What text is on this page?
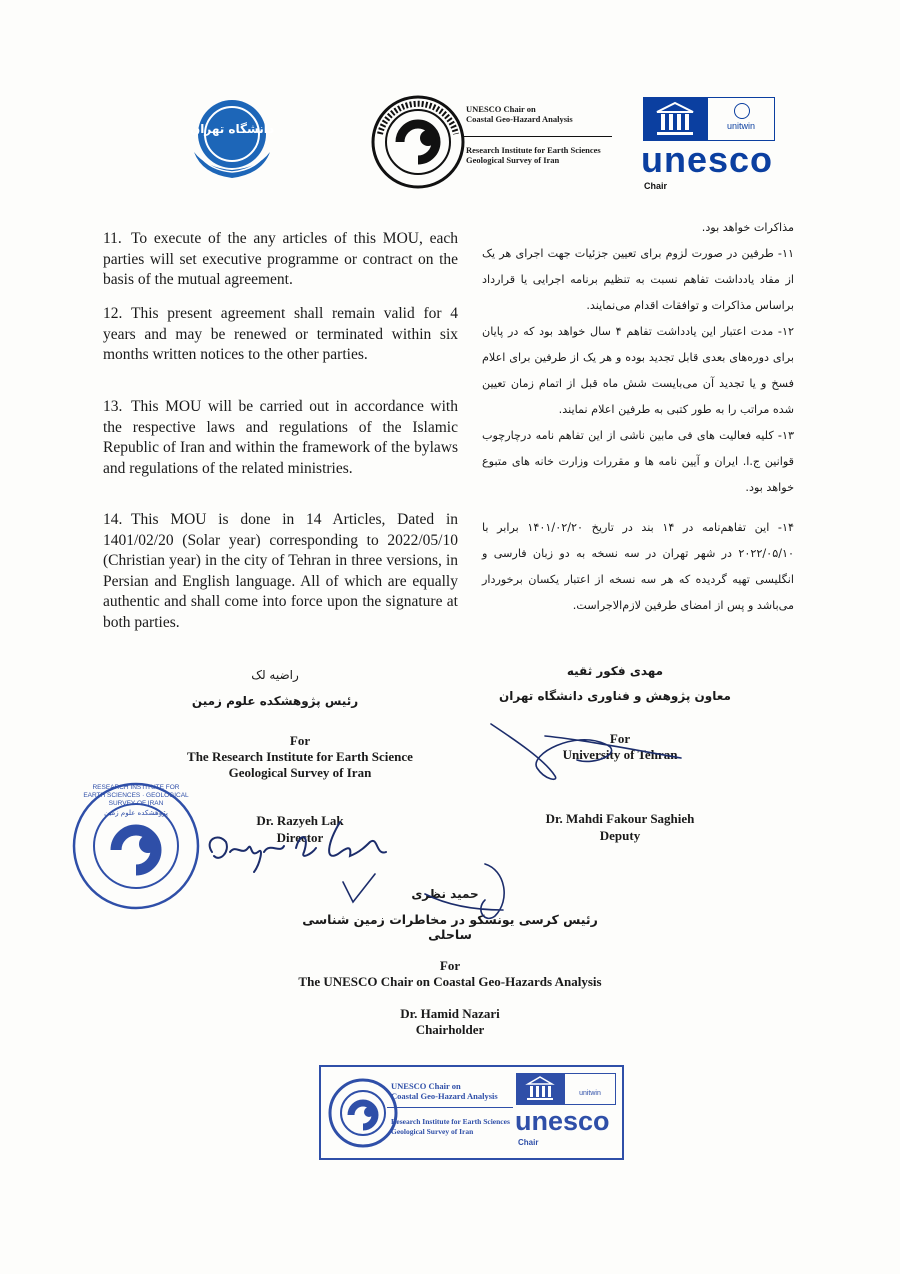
دانشگاه تهران
UNESCO Chair on
Coastal Geo-Hazard Analysis
Research Institute for Earth Sciences
Geological Survey of Iran
unitwin
unesco
Chair
11. To execute of the any articles of this MOU, each parties will set executive programme or contract on the basis of the mutual agreement.
12. This present agreement shall remain valid for 4 years and may be renewed or terminated within six months written notices to the other parties.
13. This MOU will be carried out in accordance with the respective laws and regulations of the Islamic Republic of Iran and within the framework of the bylaws and regulations of the related ministries.
14. This MOU is done in 14 Articles, Dated in 1401/02/20 (Solar year) corresponding to 2022/05/10 (Christian year) in the city of Tehran in three versions, in Persian and English language. All of which are equally authentic and shall come into force upon the signature at both parties.
مذاکرات خواهد بود.
۱۱- طرفین در صورت لزوم برای تعیین جزئیات جهت اجرای هر یک از مفاد یادداشت تفاهم نسبت به تنظیم برنامه اجرایی یا قرارداد براساس مذاکرات و توافقات اقدام می‌نمایند.
۱۲- مدت اعتبار این یادداشت تفاهم ۴ سال خواهد بود که در پایان برای دوره‌های بعدی قابل تجدید بوده و هر یک از طرفین برای اعلام فسخ و یا تجدید آن می‌بایست شش ماه قبل از اتمام زمان تعیین شده مراتب را به طور کتبی به طرفین اعلام نمایند.
۱۳- کلیه فعالیت های فی مابین ناشی از این تفاهم نامه درچارچوب قوانین ج.ا. ایران و آیین نامه ها و مقررات وزارت خانه های متبوع خواهد بود.
۱۴- این تفاهم‌نامه در ۱۴ بند در تاریخ ۱۴۰۱/۰۲/۲۰ برابر با ۲۰۲۲/۰۵/۱۰ در شهر تهران در سه نسخه به دو زبان فارسی و انگلیسی تهیه گردیده که هر سه نسخه از اعتبار یکسان برخوردار می‌باشد و پس از امضای طرفین لازم‌الاجراست.
راضیه لک
رئیس پژوهشکده علوم زمین
For
The Research Institute for Earth Science
Geological Survey of Iran
Dr. Razyeh Lak
Director
مهدی فکور ثقیه
معاون پژوهش و فناوری دانشگاه تهران
For
University of Tehran
Dr. Mahdi Fakour Saghieh
Deputy
حمید نظری
رئیس کرسی یونسکو در مخاطرات زمین شناسی ساحلی
For
The UNESCO Chair on Coastal Geo-Hazards Analysis
Dr. Hamid Nazari
Chairholder
RESEARCH INSTITUTE FOR EARTH SCIENCES · GEOLOGICAL SURVEY OF IRAN
پژوهشکده علوم زمین
UNESCO Chair on
Coastal Geo-Hazard Analysis
Research Institute for Earth Sciences
Geological Survey of Iran
unitwin
unesco
Chair
